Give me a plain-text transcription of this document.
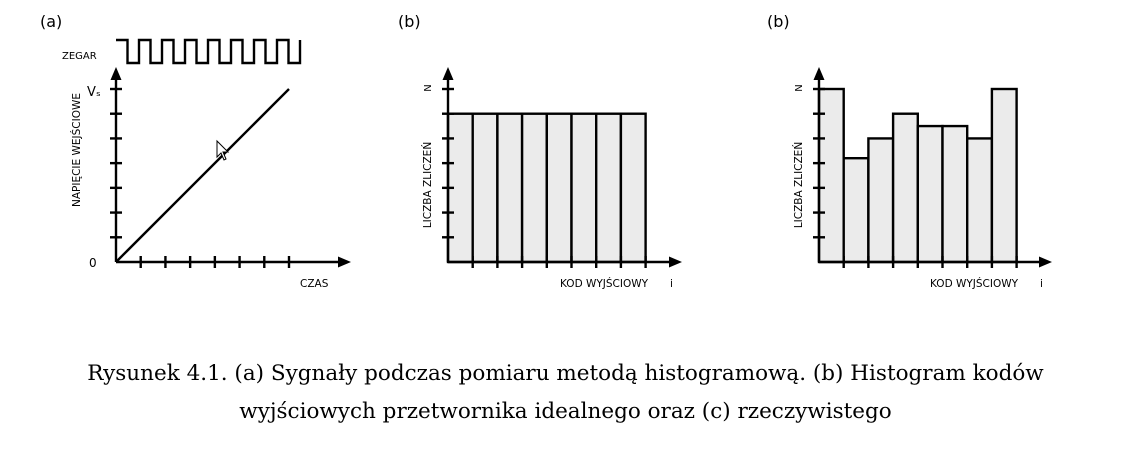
(a)
ZEGAR
NAPIĘCIE WEJŚCIOWE
Vₛ
0
CZAS
(b)
N
LICZBA ZLICZEŃ
KOD WYJŚCIOWY i
(b)
N
LICZBA ZLICZEŃ
KOD WYJŚCIOWY i
Rysunek 4.1. (a) Sygnały podczas pomiaru metodą histogramową. (b) Histogram kodów
wyjściowych przetwornika idealnego oraz (c) rzeczywistego
